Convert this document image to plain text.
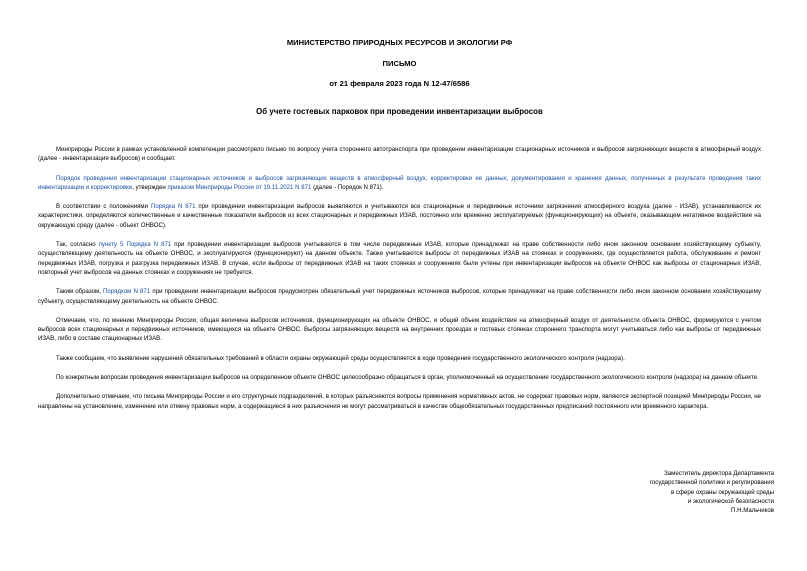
МИНИСТЕРСТВО ПРИРОДНЫХ РЕСУРСОВ И ЭКОЛОГИИ РФ
ПИСЬМО
от 21 февраля 2023 года N 12-47/6586
Об учете гостевых парковок при проведении инвентаризации выбросов

Минприроды России в рамках установленной компетенции рассмотрело письмо по вопросу учета стороннего автотранспорта при проведении инвентаризации стационарных источников и выбросов загрязняющих веществ в атмосферный воздух (далее - инвентаризация выбросов) и сообщает.

Порядок проведения инвентаризации стационарных источников и выбросов загрязняющих веществ в атмосферный воздух, корректировки ее данных, документирования и хранения данных, полученных в результате проведения таких инвентаризации и корректировки, утвержден приказом Минприроды России от 19.11.2021 N 871 (далее - Порядок N 871).

В соответствии с положениями Порядка N 871 при проведении инвентаризации выбросов выявляются и учитываются все стационарные и передвижные источники загрязнения атмосферного воздуха (далее - ИЗАВ), устанавливаются их характеристики, определяются количественные и качественные показатели выбросов из всех стационарных и передвижных ИЗАВ, постоянно или временно эксплуатируемых (функционирующих) на объекте, оказывающем негативное воздействие на окружающую среду (далее - объект ОНВОС).

Так, согласно пункту 5 Порядка N 871 при проведении инвентаризации выбросов учитываются в том числе передвижные ИЗАВ, которые принадлежат на праве собственности либо ином законном основании хозяйствующему субъекту, осуществляющему деятельность на объекте ОНВОС, и эксплуатируются (функционируют) на данном объекте. Также учитываются выбросы от передвижных ИЗАВ на стоянках и сооружениях, где осуществляется работа, обслуживание и ремонт передвижных ИЗАВ, погрузка и разгрузка передвижных ИЗАВ. В случае, если выбросы от передвижных ИЗАВ на таких стоянках и сооружениях были учтены при инвентаризации выбросов на объекте ОНВОС как выбросы от стационарных ИЗАВ, повторный учет выбросов на данных стоянках и сооружениях не требуется.

Таким образом, Порядком N 871 при проведении инвентаризации выбросов предусмотрен обязательный учет передвижных источников выбросов, которые принадлежат на праве собственности либо ином законном основании хозяйствующему субъекту, осуществляющему деятельность на объекте ОНВОС.

Отмечаем, что, по мнению Минприроды России, общая величина выбросов источников, функционирующих на объекте ОНВОС, и общий объем воздействия на атмосферный воздух от деятельности объекта ОНВОС, формируются с учетом выбросов всех стационарных и передвижных источников, имеющихся на объекте ОНВОС. Выбросы загрязняющих веществ на внутренних проездах и гостевых стоянках стороннего транспорта могут учитываться либо как выбросы от передвижных ИЗАВ, либо в составе стационарных ИЗАВ.

Также сообщаем, что выявление нарушений обязательных требований в области охраны окружающей среды осуществляется в ходе проведения государственного экологического контроля (надзора).

По конкретным вопросам проведения инвентаризации выбросов на определенном объекте ОНВОС целесообразно обращаться в орган, уполномоченный на осуществление государственного экологического контроля (надзора) на данном объекте.

Дополнительно отмечаем, что письма Минприроды России и его структурных подразделений, в которых разъясняются вопросы применения нормативных актов, не содержат правовых норм, являются экспертной позицией Минприроды России, не направлены на установление, изменение или отмену правовых норм, а содержащиеся в них разъяснения не могут рассматриваться в качестве общеобязательных государственных предписаний постоянного или временного характера.

Заместитель директора Департамента
государственной политики и регулирования
в сфере охраны окружающей среды
и экологической безопасности
П.Н.Мальчиков
